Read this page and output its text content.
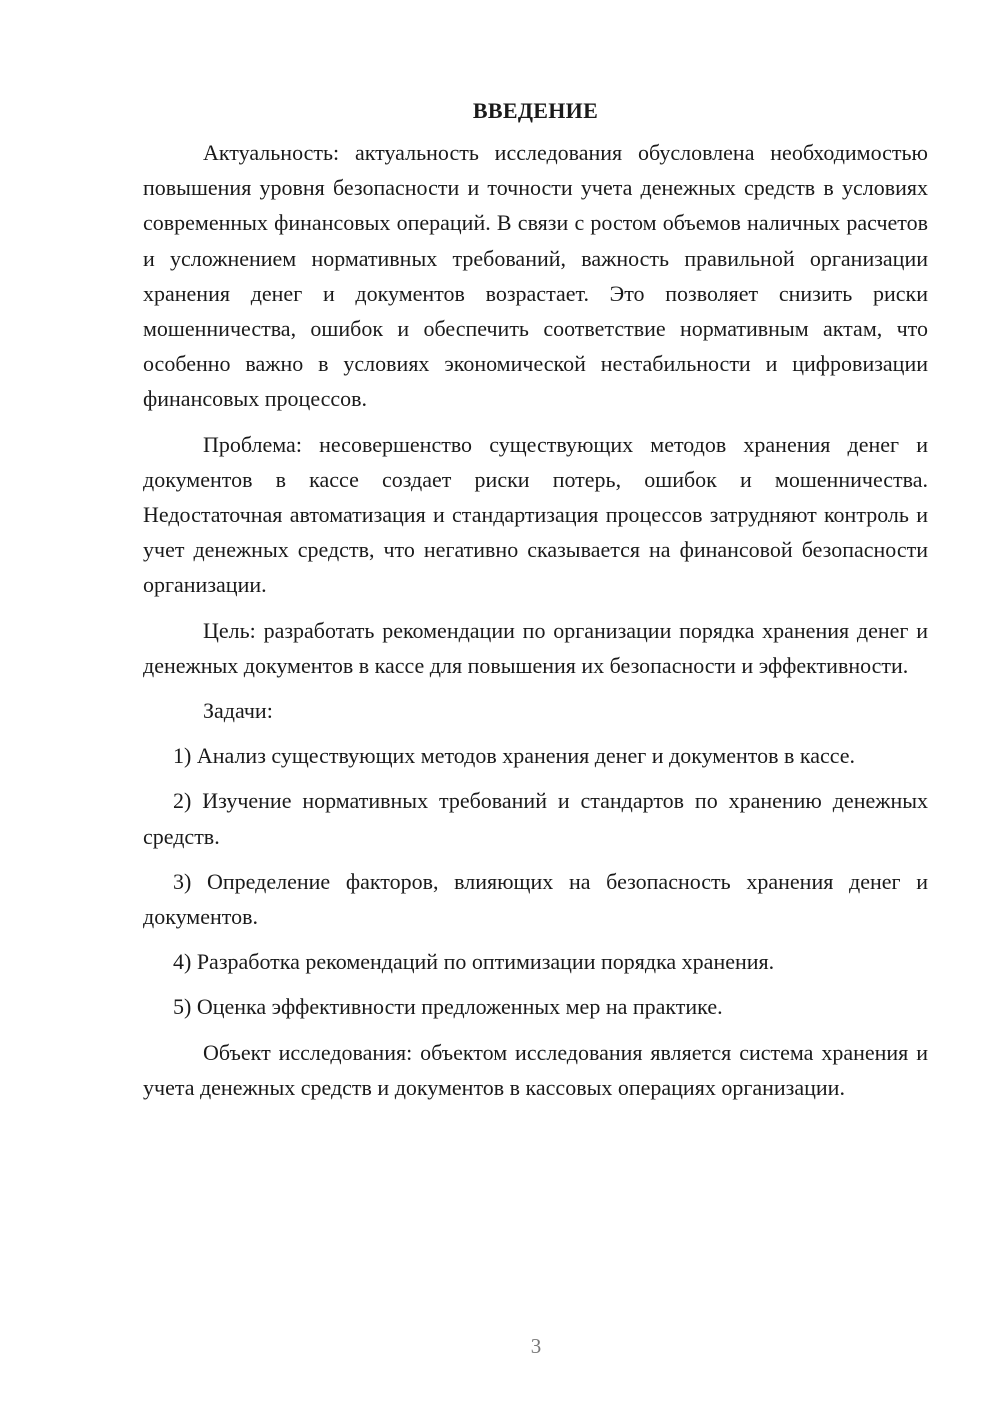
ВВЕДЕНИЕ

Актуальность: актуальность исследования обусловлена необходимостью повышения уровня безопасности и точности учета денежных средств в условиях современных финансовых операций. В связи с ростом объемов наличных расчетов и усложнением нормативных требований, важность правильной организации хранения денег и документов возрастает. Это позволяет снизить риски мошенничества, ошибок и обеспечить соответствие нормативным актам, что особенно важно в условиях экономической нестабильности и цифровизации финансовых процессов.

Проблема: несовершенство существующих методов хранения денег и документов в кассе создает риски потерь, ошибок и мошенничества. Недостаточная автоматизация и стандартизация процессов затрудняют контроль и учет денежных средств, что негативно сказывается на финансовой безопасности организации.

Цель: разработать рекомендации по организации порядка хранения денег и денежных документов в кассе для повышения их безопасности и эффективности.

Задачи:

1) Анализ существующих методов хранения денег и документов в кассе.

2) Изучение нормативных требований и стандартов по хранению денежных средств.

3) Определение факторов, влияющих на безопасность хранения денег и документов.

4) Разработка рекомендаций по оптимизации порядка хранения.

5) Оценка эффективности предложенных мер на практике.

Объект исследования: объектом исследования является система хранения и учета денежных средств и документов в кассовых операциях организации.

3
